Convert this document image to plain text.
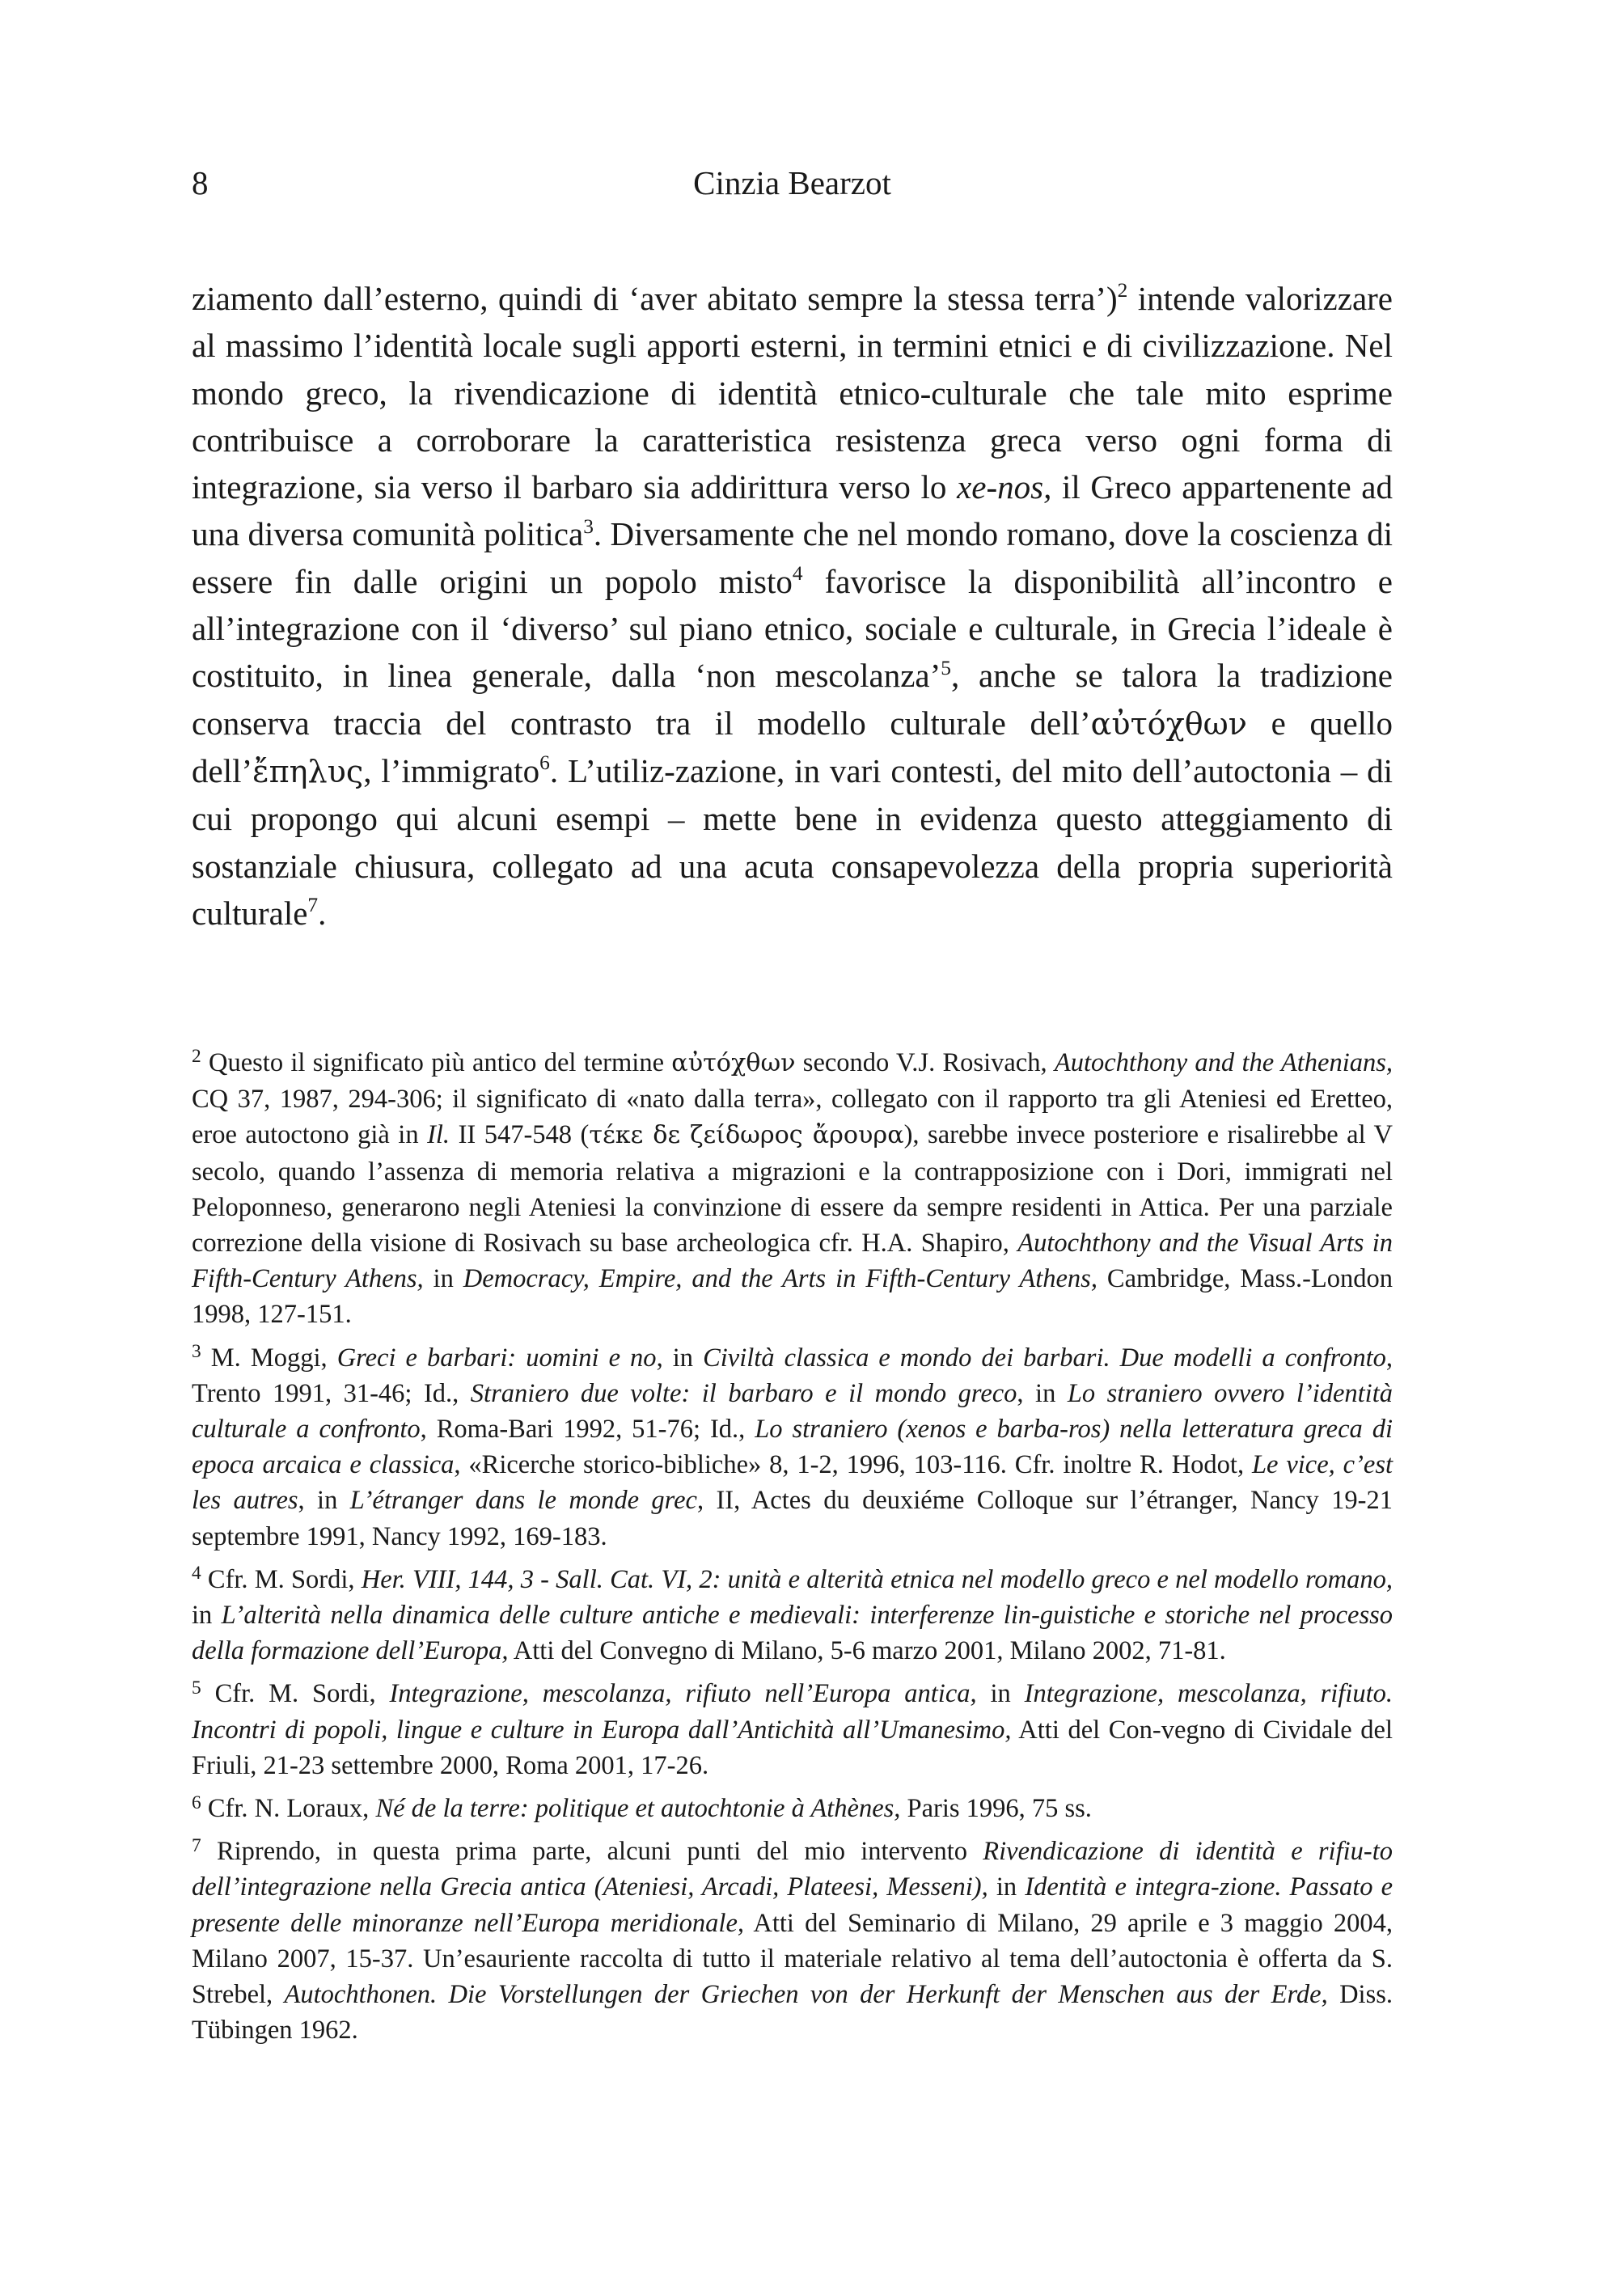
8	Cinzia Bearzot

ziamento dall’esterno, quindi di ‘aver abitato sempre la stessa terra’)$^2$ intende valorizzare al massimo l’identità locale sugli apporti esterni, in termini etnici e di civilizzazione. Nel mondo greco, la rivendicazione di identità etnico-culturale che tale mito esprime contribuisce a corroborare la caratteristica resistenza greca verso ogni forma di integrazione, sia verso il barbaro sia addirittura verso lo xe-nos, il Greco appartenente ad una diversa comunità politica$^3$. Diversamente che nel mondo romano, dove la coscienza di essere fin dalle origini un popolo misto$^4$ favorisce la disponibilità all’incontro e all’integrazione con il ‘diverso’ sul piano etnico, sociale e culturale, in Grecia l’ideale è costituito, in linea generale, dalla ‘non mescolanza’$^5$, anche se talora la tradizione conserva traccia del contrasto tra il modello culturale dell’αὐτόχθων e quello dell’ἔπηλυς, l’immigrato$^6$. L’utiliz-zazione, in vari contesti, del mito dell’autoctonia – di cui propongo qui alcuni esempi – mette bene in evidenza questo atteggiamento di sostanziale chiusura, collegato ad una acuta consapevolezza della propria superiorità culturale$^7$.

$^2$ Questo il significato più antico del termine αὐτόχθων secondo V.J. Rosivach, Autochthony and the Athenians, CQ 37, 1987, 294-306; il significato di «nato dalla terra», collegato con il rapporto tra gli Ateniesi ed Eretteo, eroe autoctono già in Il. II 547-548 (τέκε δε ζείδωρος ἄρουρα), sarebbe invece posteriore e risalirebbe al V secolo, quando l’assenza di memoria relativa a migrazioni e la contrapposizione con i Dori, immigrati nel Peloponneso, generarono negli Ateniesi la convinzione di essere da sempre residenti in Attica. Per una parziale correzione della visione di Rosivach su base archeologica cfr. H.A. Shapiro, Autochthony and the Visual Arts in Fifth-Century Athens, in Democracy, Empire, and the Arts in Fifth-Century Athens, Cambridge, Mass.-London 1998, 127-151.

$^3$ M. Moggi, Greci e barbari: uomini e no, in Civiltà classica e mondo dei barbari. Due modelli a confronto, Trento 1991, 31-46; Id., Straniero due volte: il barbaro e il mondo greco, in Lo straniero ovvero l’identità culturale a confronto, Roma-Bari 1992, 51-76; Id., Lo straniero (xenos e barba-ros) nella letteratura greca di epoca arcaica e classica, «Ricerche storico-bibliche» 8, 1-2, 1996, 103-116. Cfr. inoltre R. Hodot, Le vice, c’est les autres, in L’étranger dans le monde grec, II, Actes du deuxiéme Colloque sur l’étranger, Nancy 19-21 septembre 1991, Nancy 1992, 169-183.

$^4$ Cfr. M. Sordi, Her. VIII, 144, 3 - Sall. Cat. VI, 2: unità e alterità etnica nel modello greco e nel modello romano, in L’alterità nella dinamica delle culture antiche e medievali: interferenze lin-guistiche e storiche nel processo della formazione dell’Europa, Atti del Convegno di Milano, 5-6 marzo 2001, Milano 2002, 71-81.

$^5$ Cfr. M. Sordi, Integrazione, mescolanza, rifiuto nell’Europa antica, in Integrazione, mescolanza, rifiuto. Incontri di popoli, lingue e culture in Europa dall’Antichità all’Umanesimo, Atti del Con-vegno di Cividale del Friuli, 21-23 settembre 2000, Roma 2001, 17-26.

$^6$ Cfr. N. Loraux, Né de la terre: politique et autochtonie à Athènes, Paris 1996, 75 ss.

$^7$ Riprendo, in questa prima parte, alcuni punti del mio intervento Rivendicazione di identità e rifiu-to dell’integrazione nella Grecia antica (Ateniesi, Arcadi, Plateesi, Messeni), in Identità e integra-zione. Passato e presente delle minoranze nell’Europa meridionale, Atti del Seminario di Milano, 29 aprile e 3 maggio 2004, Milano 2007, 15-37. Un’esauriente raccolta di tutto il materiale relativo al tema dell’autoctonia è offerta da S. Strebel, Autochthonen. Die Vorstellungen der Griechen von der Herkunft der Menschen aus der Erde, Diss. Tübingen 1962.
